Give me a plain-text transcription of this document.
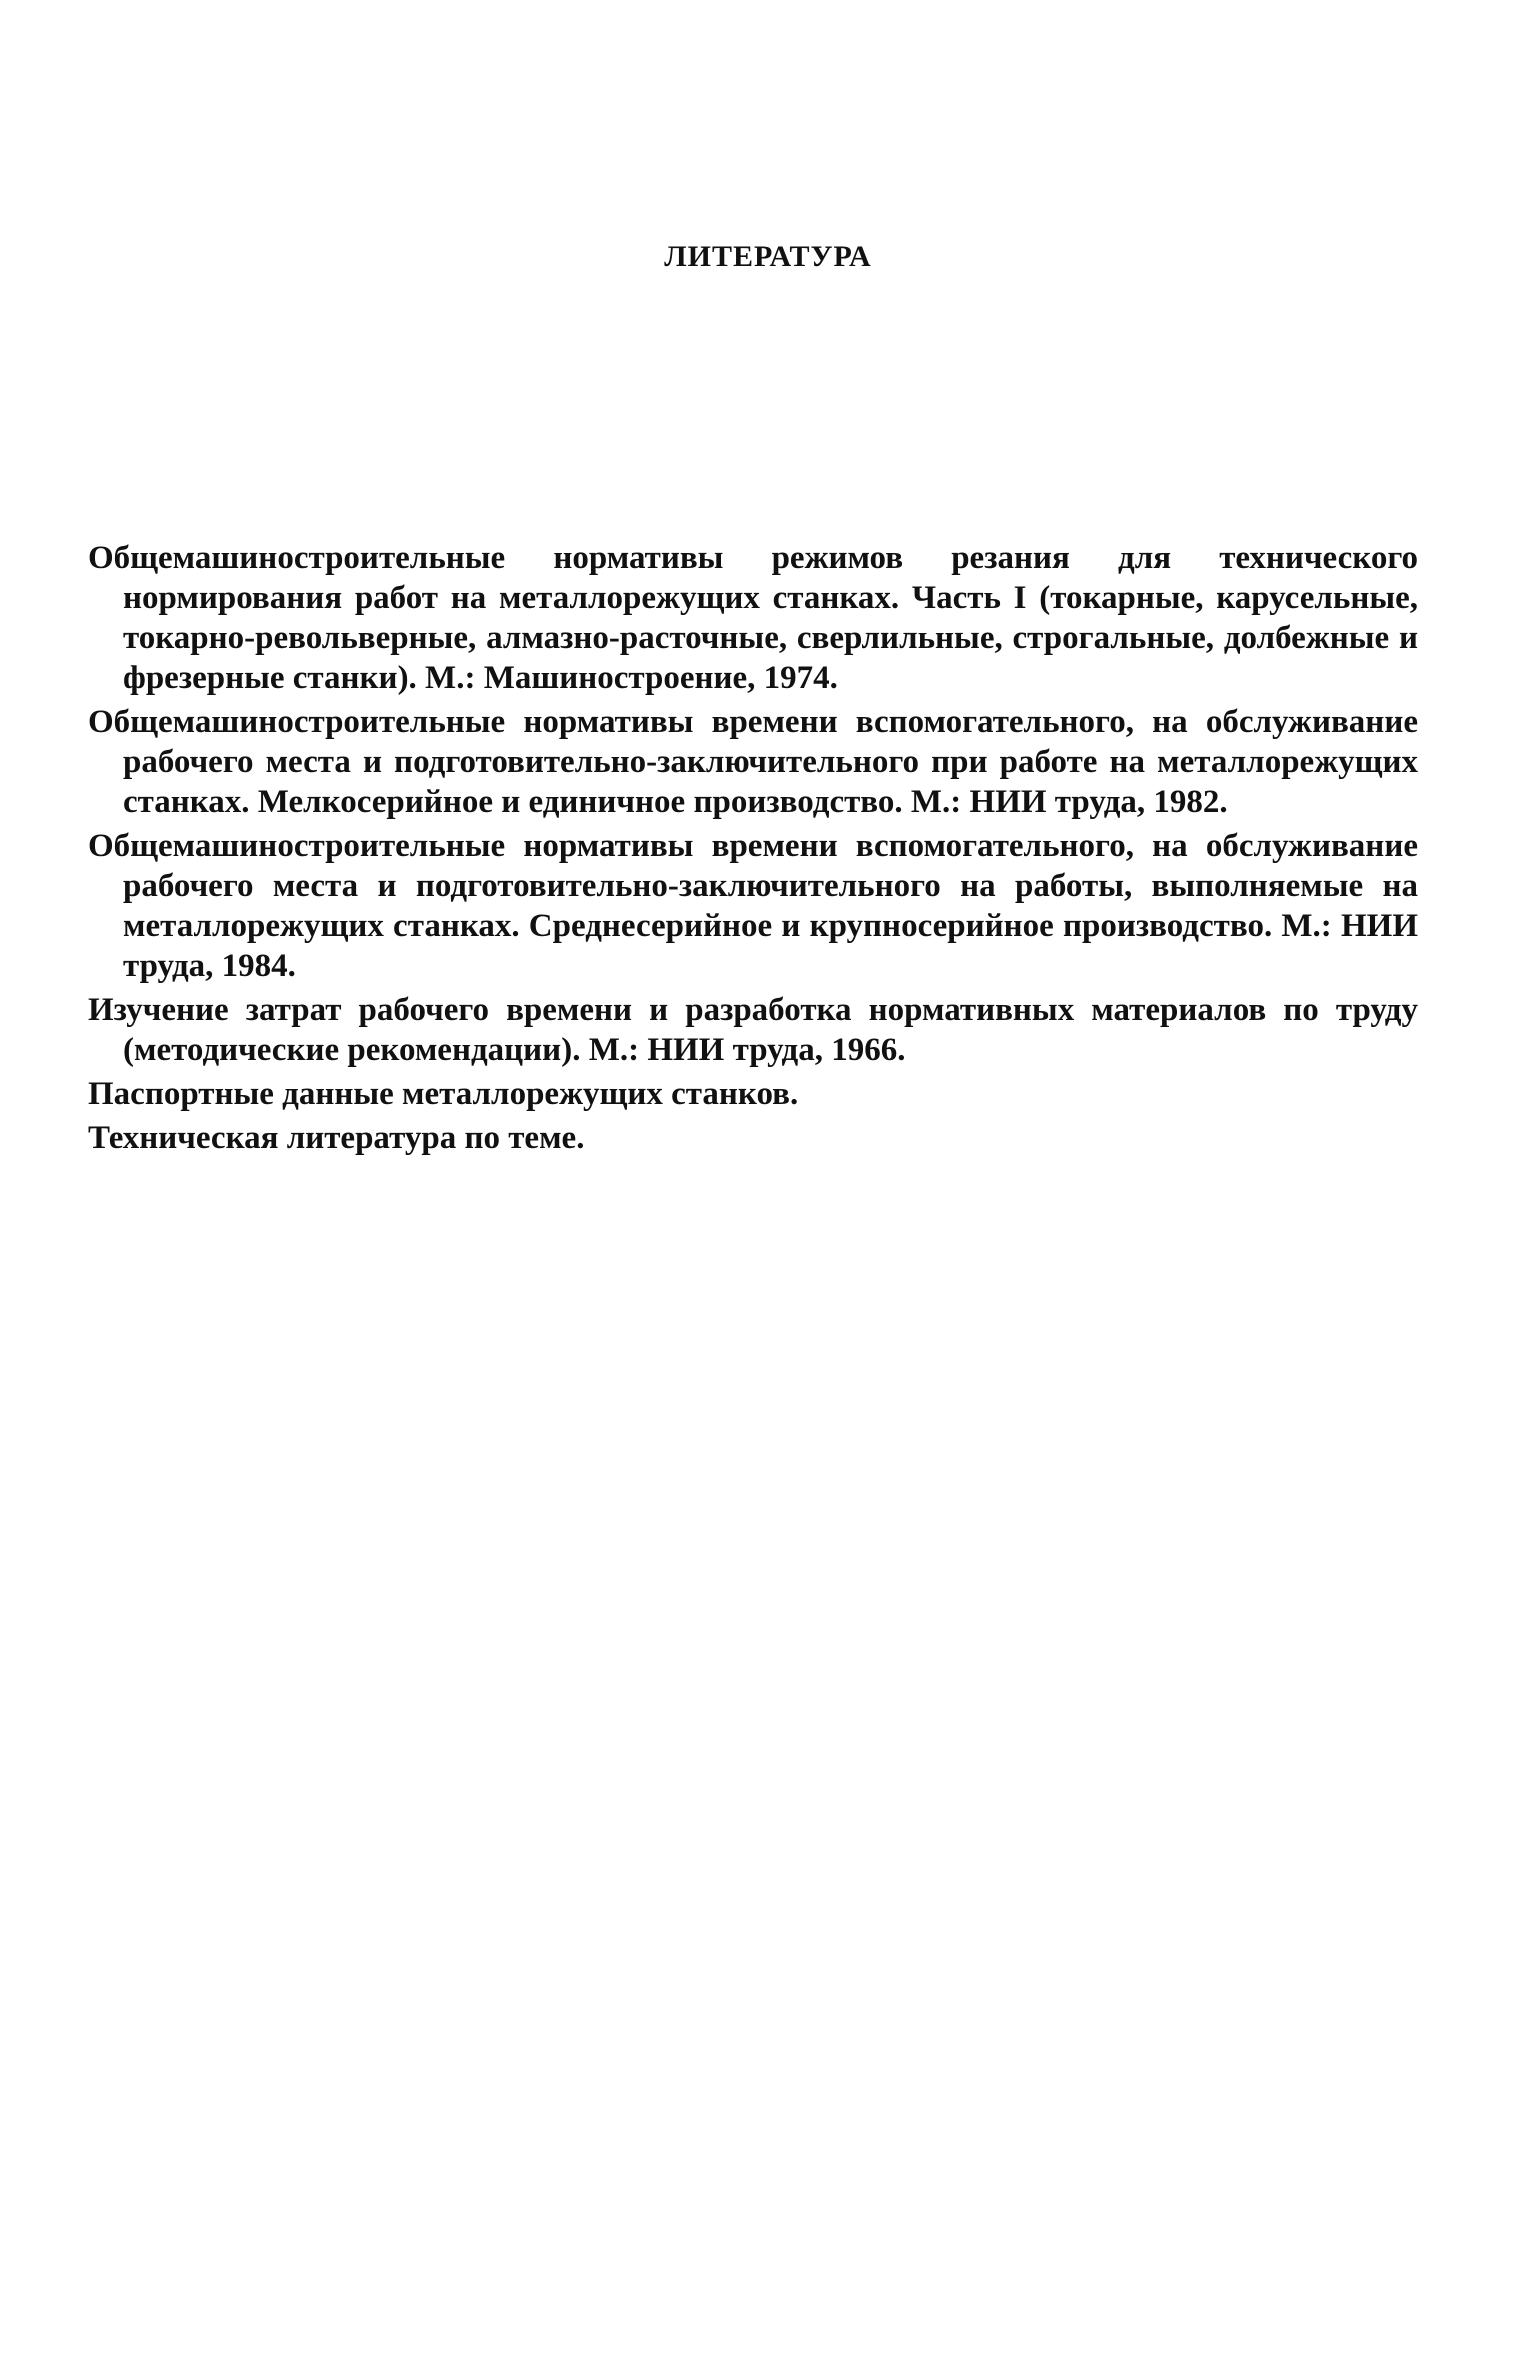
ЛИТЕРАТУРА

Общемашиностроительные нормативы режимов резания для технического нормирования работ на металлорежущих станках. Часть I (токарные, карусельные, токарно-револьверные, алмазно-расточные, сверлильные, строгальные, долбежные и фрезерные станки). М.: Машиностроение, 1974.

Общемашиностроительные нормативы времени вспомогательного, на обслуживание рабочего места и подготовительно-заключительного при работе на металлорежущих станках. Мелкосерийное и единичное производство. М.: НИИ труда, 1982.

Общемашиностроительные нормативы времени вспомогательного, на обслуживание рабочего места и подготовительно-заключительного на работы, выполняемые на металлорежущих станках. Среднесерийное и крупносерийное производство. М.: НИИ труда, 1984.

Изучение затрат рабочего времени и разработка нормативных материалов по труду (методические рекомендации). М.: НИИ труда, 1966.

Паспортные данные металлорежущих станков.

Техническая литература по теме.
